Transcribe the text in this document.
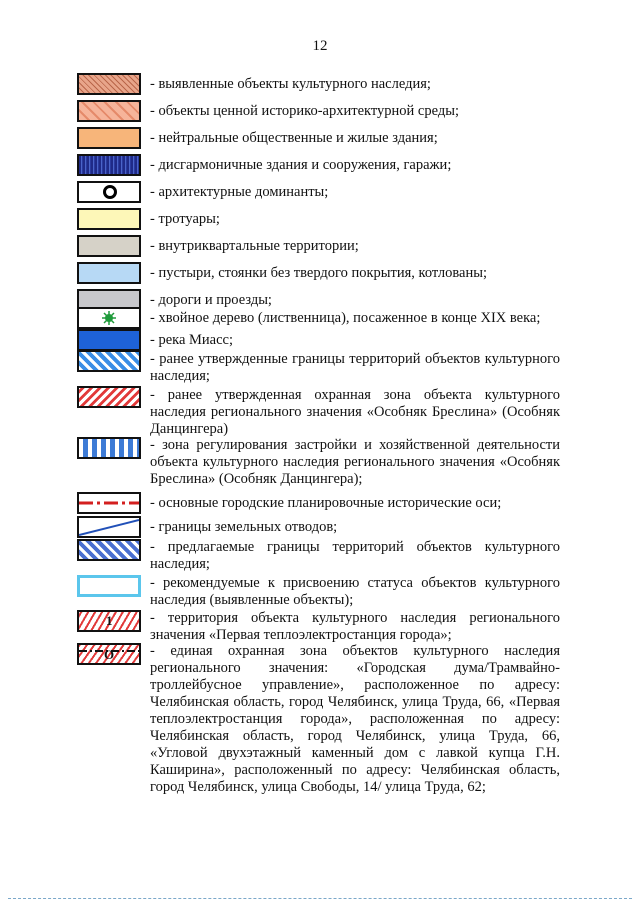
12
- выявленные объекты культурного наследия;
- объекты ценной историко-архитектурной среды;
- нейтральные общественные и жилые здания;
- дисгармоничные здания и сооружения, гаражи;
- архитектурные доминанты;
- тротуары;
- внутриквартальные территории;
- пустыри, стоянки без твердого покрытия, котлованы;
- дороги и проезды;
- хвойное дерево (лиственница), посаженное в конце XIX века;
- река Миасс;
- ранее утвержденные границы территорий объектов культурного наследия;
- ранее утвержденная охранная зона объекта культурного наследия регионального значения «Особняк Бреслина» (Особняк Данцингера)
- зона регулирования застройки и хозяйственной деятельности объекта культурного наследия регионального значения «Особняк Бреслина» (Особняк Данцингера);
- основные городские планировочные исторические оси;
- границы земельных отводов;
- предлагаемые границы территорий объектов культурного наследия;
- рекомендуемые к присвоению статуса объектов культурного наследия (выявленные объекты);
1	- территория объекта культурного наследия регионального значения «Первая теплоэлектростанция города»;
О - единая охранная зона объектов культурного наследия регионального значения: «Городская дума/Трамвайно-троллейбусное управление», расположенное по адресу: Челябинская область, город Челябинск, улица Труда, 66, «Первая теплоэлектростанция города», расположенная по адресу: Челябинская область, город Челябинск, улица Труда, 66, «Угловой двухэтажный каменный дом с лавкой купца Г.Н. Каширина», расположенный по адресу: Челябинская область, город Челябинск, улица Свободы, 14/ улица Труда, 62;
